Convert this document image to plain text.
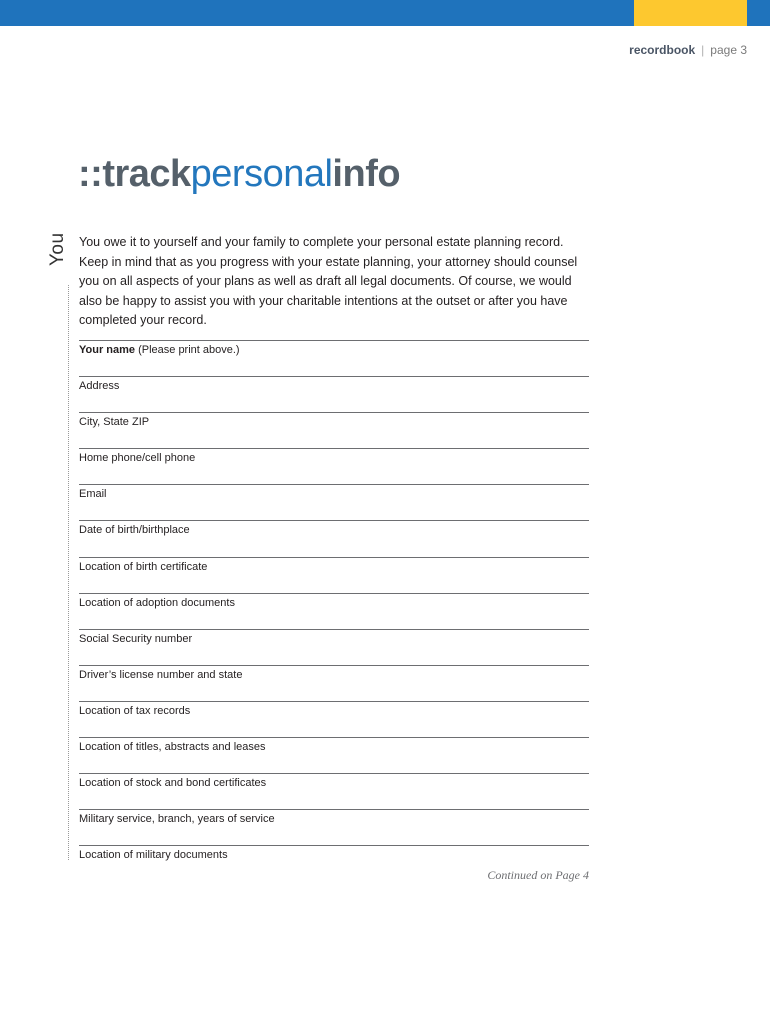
recordbook | page 3
::trackpersonalinfo
You You owe it to yourself and your family to complete your personal estate planning record. Keep in mind that as you progress with your estate planning, your attorney should counsel you on all aspects of your plans as well as draft all legal documents. Of course, we would also be happy to assist you with your charitable intentions at the outset or after you have completed your record.
Your name (Please print above.)
Address
City, State ZIP
Home phone/cell phone
Email
Date of birth/birthplace
Location of birth certificate
Location of adoption documents
Social Security number
Driver’s license number and state
Location of tax records
Location of titles, abstracts and leases
Location of stock and bond certificates
Military service, branch, years of service
Location of military documents
Continued on Page 4
